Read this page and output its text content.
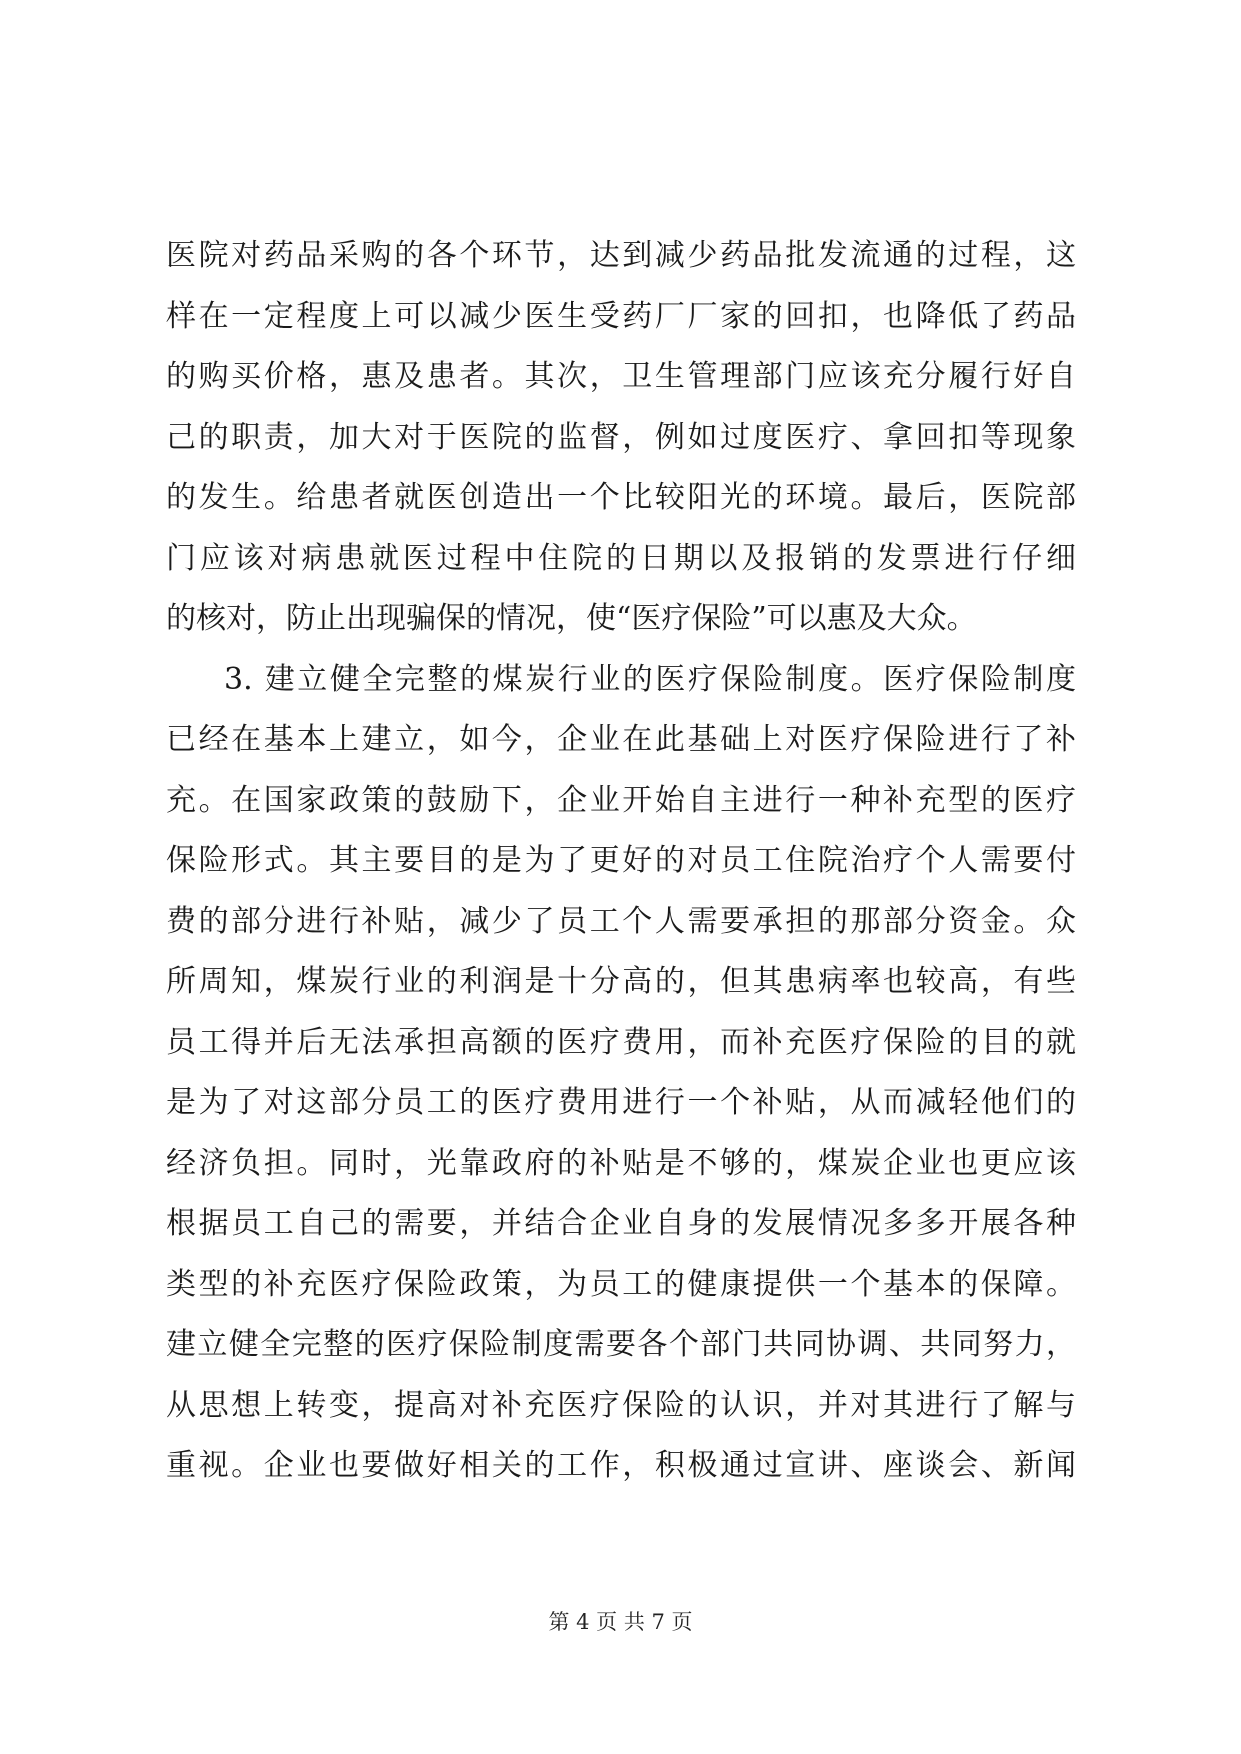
医院对药品采购的各个环节，达到减少药品批发流通的过程，这
样在一定程度上可以减少医生受药厂厂家的回扣，也降低了药品
的购买价格，惠及患者。其次，卫生管理部门应该充分履行好自
己的职责，加大对于医院的监督，例如过度医疗、拿回扣等现象
的发生。给患者就医创造出一个比较阳光的环境。最后，医院部
门应该对病患就医过程中住院的日期以及报销的发票进行仔细
的核对，防止出现骗保的情况，使“医疗保险”可以惠及大众。
3. 建立健全完整的煤炭行业的医疗保险制度。医疗保险制度
已经在基本上建立，如今，企业在此基础上对医疗保险进行了补
充。在国家政策的鼓励下，企业开始自主进行一种补充型的医疗
保险形式。其主要目的是为了更好的对员工住院治疗个人需要付
费的部分进行补贴，减少了员工个人需要承担的那部分资金。众
所周知，煤炭行业的利润是十分高的，但其患病率也较高，有些
员工得并后无法承担高额的医疗费用，而补充医疗保险的目的就
是为了对这部分员工的医疗费用进行一个补贴，从而减轻他们的
经济负担。同时，光靠政府的补贴是不够的，煤炭企业也更应该
根据员工自己的需要，并结合企业自身的发展情况多多开展各种
类型的补充医疗保险政策，为员工的健康提供一个基本的保障。
建立健全完整的医疗保险制度需要各个部门共同协调、共同努力，
从思想上转变，提高对补充医疗保险的认识，并对其进行了解与
重视。企业也要做好相关的工作，积极通过宣讲、座谈会、新闻
第 4 页 共 7 页
